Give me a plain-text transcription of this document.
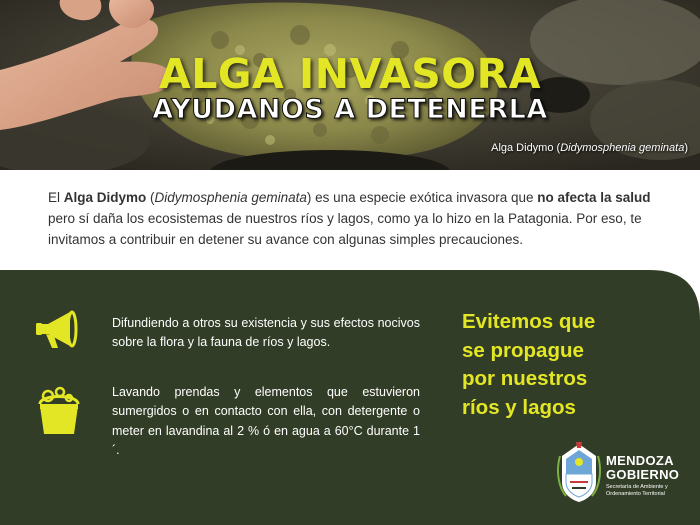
ALGA INVASORA
AYUDANOS A DETENERLA
Alga Didymo (Didymosphenia geminata)

El Alga Didymo (Didymosphenia geminata) es una especie exótica invasora que no afecta la salud pero sí daña los ecosistemas de nuestros ríos y lagos, como ya lo hizo en la Patagonia. Por eso, te invitamos a contribuir en detener su avance con algunas simples precauciones.

Difundiendo a otros su existencia y sus efectos nocivos sobre la flora y la fauna de ríos y lagos.
Lavando prendas y elementos que estuvieron sumergidos o en contacto con ella, con detergente o meter en lavandina al 2 % ó en agua a 60°C durante 1´.
Evitemos que
se propague
por nuestros
ríos y lagos
MENDOZA
GOBIERNO
Secretaría de Ambiente y
Ordenamiento Territorial
